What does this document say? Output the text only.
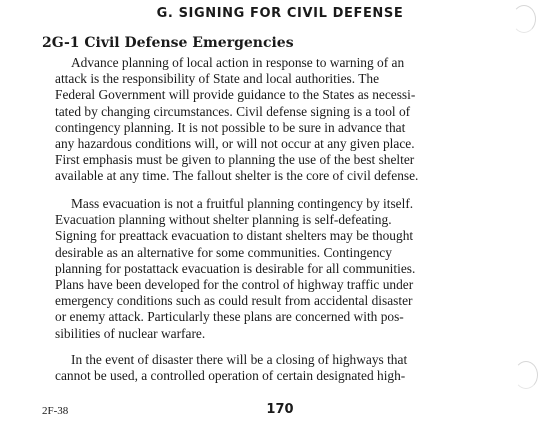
G. SIGNING FOR CIVIL DEFENSE
2G-1 Civil Defense Emergencies

Advance planning of local action in response to warning of an
attack is the responsibility of State and local authorities. The
Federal Government will provide guidance to the States as necessi-
tated by changing circumstances. Civil defense signing is a tool of
contingency planning. It is not possible to be sure in advance that
any hazardous conditions will, or will not occur at any given place.
First emphasis must be given to planning the use of the best shelter
available at any time. The fallout shelter is the core of civil defense.

Mass evacuation is not a fruitful planning contingency by itself.
Evacuation planning without shelter planning is self-defeating.
Signing for preattack evacuation to distant shelters may be thought
desirable as an alternative for some communities. Contingency
planning for postattack evacuation is desirable for all communities.
Plans have been developed for the control of highway traffic under
emergency conditions such as could result from accidental disaster
or enemy attack. Particularly these plans are concerned with pos-
sibilities of nuclear warfare.

In the event of disaster there will be a closing of highways that
cannot be used, a controlled operation of certain designated high-

2F-38	170
